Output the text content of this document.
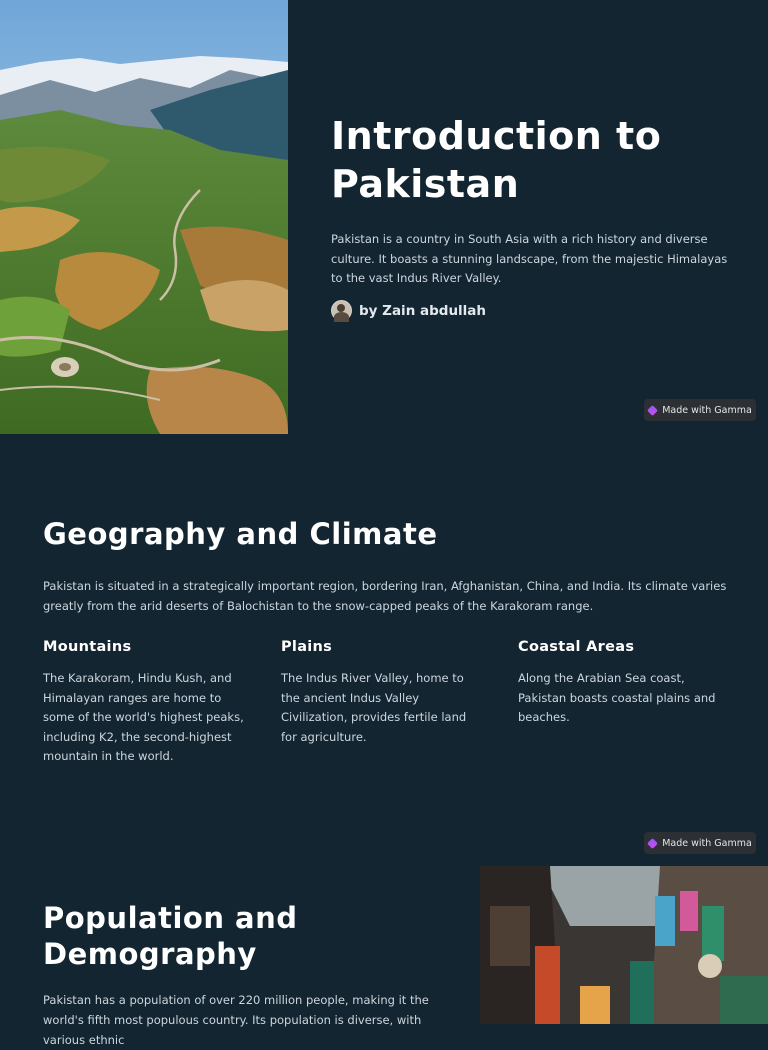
Introduction to Pakistan

Pakistan is a country in South Asia with a rich history and diverse culture. It boasts a stunning landscape, from the majestic Himalayas to the vast Indus River Valley.

by Zain abdullah
Made with Gamma
Geography and Climate

Pakistan is situated in a strategically important region, bordering Iran, Afghanistan, China, and India. Its climate varies greatly from the arid deserts of Balochistan to the snow-capped peaks of the Karakoram range.

Mountains

The Karakoram, Hindu Kush, and Himalayan ranges are home to some of the world's highest peaks, including K2, the second-highest mountain in the world.

Plains

The Indus River Valley, home to the ancient Indus Valley Civilization, provides fertile land for agriculture.

Coastal Areas

Along the Arabian Sea coast, Pakistan boasts coastal plains and beaches.

Made with Gamma
Population and Demography

Pakistan has a population of over 220 million people, making it the world's fifth most populous country. Its population is diverse, with various ethnic
